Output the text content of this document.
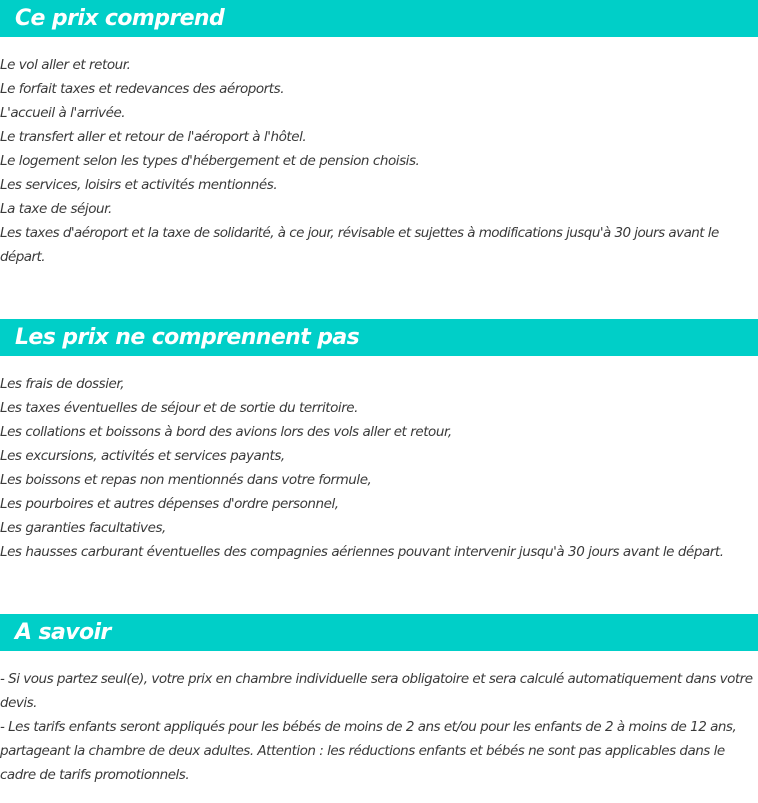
Ce prix comprend
Le vol aller et retour.
Le forfait taxes et redevances des aéroports.
L'accueil à l'arrivée.
Le transfert aller et retour de l'aéroport à l'hôtel.
Le logement selon les types d'hébergement et de pension choisis.
Les services, loisirs et activités mentionnés.
La taxe de séjour.
Les taxes d'aéroport et la taxe de solidarité, à ce jour, révisable et sujettes à modifications jusqu'à 30 jours avant le départ.
Les prix ne comprennent pas
Les frais de dossier,
Les taxes éventuelles de séjour et de sortie du territoire.
Les collations et boissons à bord des avions lors des vols aller et retour,
Les excursions, activités et services payants,
Les boissons et repas non mentionnés dans votre formule,
Les pourboires et autres dépenses d'ordre personnel,
Les garanties facultatives,
Les hausses carburant éventuelles des compagnies aériennes pouvant intervenir jusqu'à 30 jours avant le départ.
A savoir

- Si vous partez seul(e), votre prix en chambre individuelle sera obligatoire et sera calculé automatiquement dans votre devis.

- Les tarifs enfants seront appliqués pour les bébés de moins de 2 ans et/ou pour les enfants de 2 à moins de 12 ans, partageant la chambre de deux adultes. Attention : les réductions enfants et bébés ne sont pas applicables dans le cadre de tarifs promotionnels.
